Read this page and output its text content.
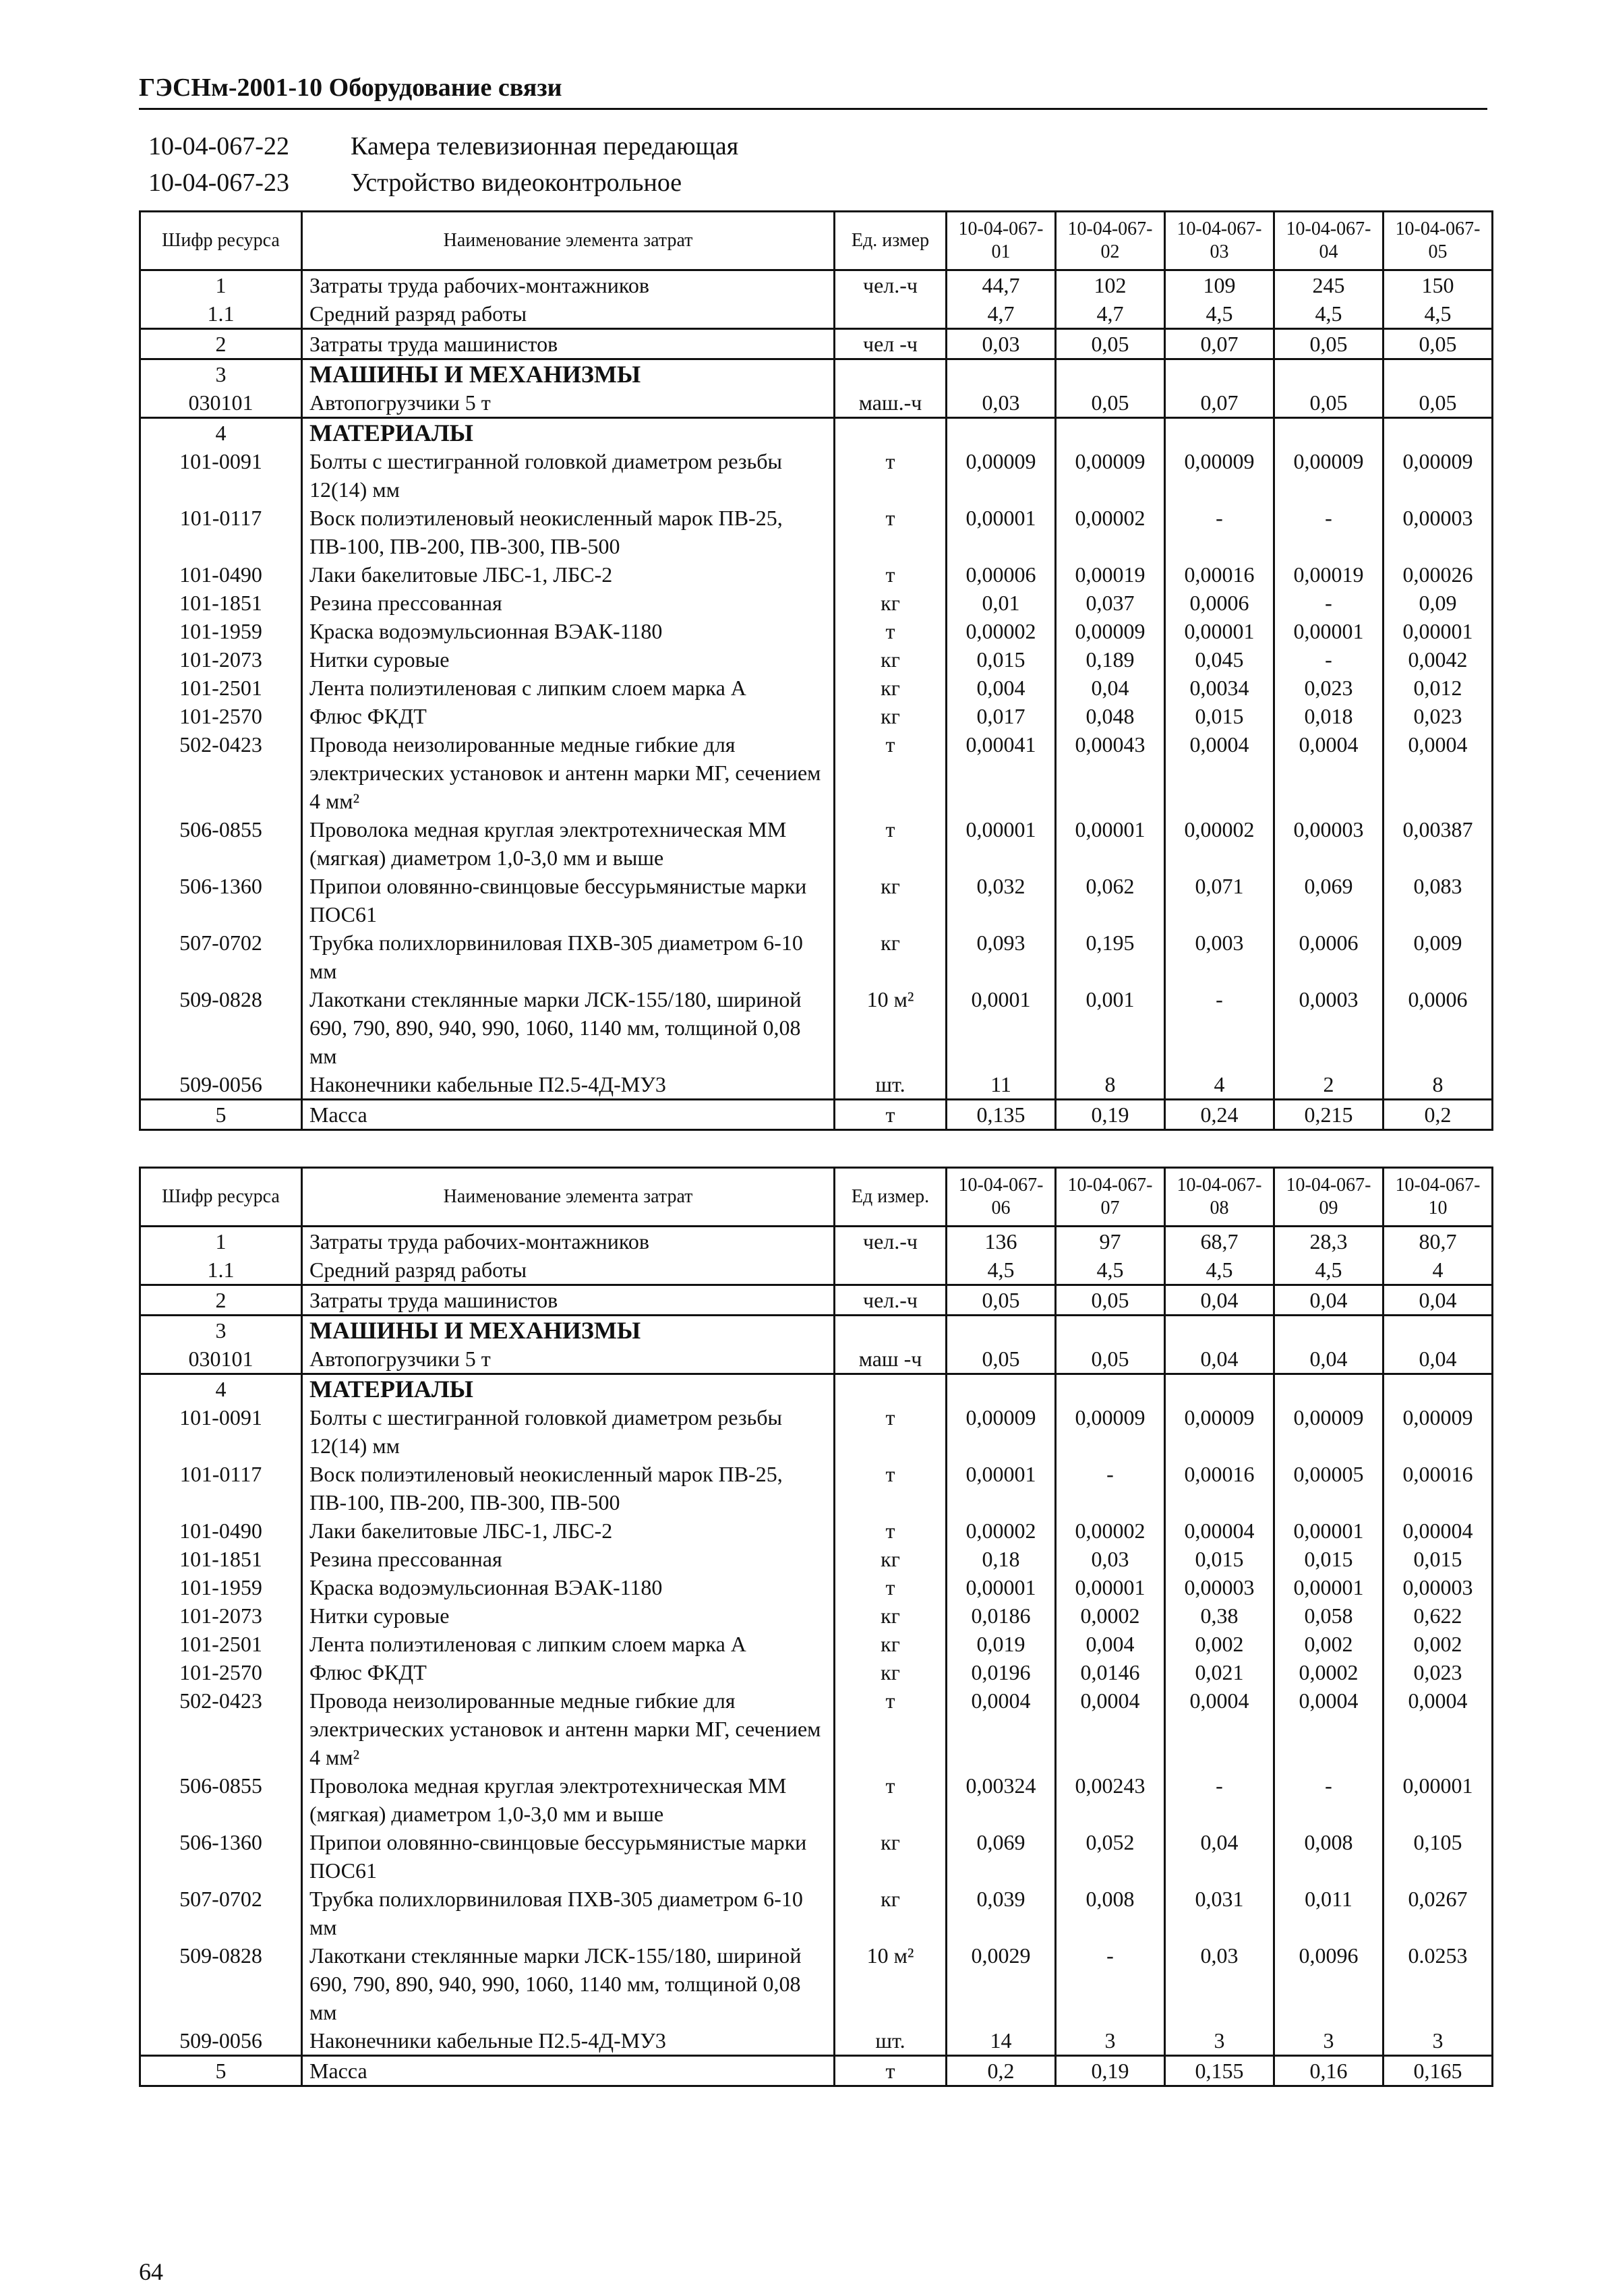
ГЭСНм-2001-10 Оборудование связи
10-04-067-22	Камера телевизионная передающая
10-04-067-23	Устройство видеоконтрольное
Шифр ресурса	Наименование элемента затрат	Ед. измер	10-04-067-01	10-04-067-02	10-04-067-03	10-04-067-04	10-04-067-05
1	Затраты труда рабочих-монтажников	чел.-ч	44,7	102	109	245	150
1.1	Средний разряд работы		4,7	4,7	4,5	4,5	4,5
2	Затраты труда машинистов	чел -ч	0,03	0,05	0,07	0,05	0,05
3	МАШИНЫ И МЕХАНИЗМЫ						
030101	Автопогрузчики 5 т	маш.-ч	0,03	0,05	0,07	0,05	0,05
4	МАТЕРИАЛЫ						
101-0091	Болты с шестигранной головкой диаметром резьбы 12(14) мм	т	0,00009	0,00009	0,00009	0,00009	0,00009
101-0117	Воск полиэтиленовый неокисленный марок ПВ-25, ПВ-100, ПВ-200, ПВ-300, ПВ-500	т	0,00001	0,00002	-	-	0,00003
101-0490	Лаки бакелитовые ЛБС-1, ЛБС-2	т	0,00006	0,00019	0,00016	0,00019	0,00026
101-1851	Резина прессованная	кг	0,01	0,037	0,0006	-	0,09
101-1959	Краска водоэмульсионная ВЭАК-1180	т	0,00002	0,00009	0,00001	0,00001	0,00001
101-2073	Нитки суровые	кг	0,015	0,189	0,045	-	0,0042
101-2501	Лента полиэтиленовая с липким слоем марка А	кг	0,004	0,04	0,0034	0,023	0,012
101-2570	Флюс ФКДТ	кг	0,017	0,048	0,015	0,018	0,023
502-0423	Провода неизолированные медные гибкие для электрических установок и антенн марки МГ, сечением 4 мм²	т	0,00041	0,00043	0,0004	0,0004	0,0004
506-0855	Проволока медная круглая электротехническая ММ (мягкая) диаметром 1,0-3,0 мм и выше	т	0,00001	0,00001	0,00002	0,00003	0,00387
506-1360	Припои оловянно-свинцовые бессурьмянистые марки ПОС61	кг	0,032	0,062	0,071	0,069	0,083
507-0702	Трубка полихлорвиниловая ПХВ-305 диаметром 6-10 мм	кг	0,093	0,195	0,003	0,0006	0,009
509-0828	Лакоткани стеклянные марки ЛСК-155/180, шириной 690, 790, 890, 940, 990, 1060, 1140 мм, толщиной 0,08 мм	10 м²	0,0001	0,001	-	0,0003	0,0006
509-0056	Наконечники кабельные П2.5-4Д-МУ3	шт.	11	8	4	2	8
5	Масса	т	0,135	0,19	0,24	0,215	0,2
Шифр ресурса	Наименование элемента затрат	Ед измер.	10-04-067-06	10-04-067-07	10-04-067-08	10-04-067-09	10-04-067-10
1	Затраты труда рабочих-монтажников	чел.-ч	136	97	68,7	28,3	80,7
1.1	Средний разряд работы		4,5	4,5	4,5	4,5	4
2	Затраты труда машинистов	чел.-ч	0,05	0,05	0,04	0,04	0,04
3	МАШИНЫ И МЕХАНИЗМЫ						
030101	Автопогрузчики 5 т	маш -ч	0,05	0,05	0,04	0,04	0,04
4	МАТЕРИАЛЫ						
101-0091	Болты с шестигранной головкой диаметром резьбы 12(14) мм	т	0,00009	0,00009	0,00009	0,00009	0,00009
101-0117	Воск полиэтиленовый неокисленный марок ПВ-25, ПВ-100, ПВ-200, ПВ-300, ПВ-500	т	0,00001	-	0,00016	0,00005	0,00016
101-0490	Лаки бакелитовые ЛБС-1, ЛБС-2	т	0,00002	0,00002	0,00004	0,00001	0,00004
101-1851	Резина прессованная	кг	0,18	0,03	0,015	0,015	0,015
101-1959	Краска водоэмульсионная ВЭАК-1180	т	0,00001	0,00001	0,00003	0,00001	0,00003
101-2073	Нитки суровые	кг	0,0186	0,0002	0,38	0,058	0,622
101-2501	Лента полиэтиленовая с липким слоем марка А	кг	0,019	0,004	0,002	0,002	0,002
101-2570	Флюс ФКДТ	кг	0,0196	0,0146	0,021	0,0002	0,023
502-0423	Провода неизолированные медные гибкие для электрических установок и антенн марки МГ, сечением 4 мм²	т	0,0004	0,0004	0,0004	0,0004	0,0004
506-0855	Проволока медная круглая электротехническая ММ (мягкая) диаметром 1,0-3,0 мм и выше	т	0,00324	0,00243	-	-	0,00001
506-1360	Припои оловянно-свинцовые бессурьмянистые марки ПОС61	кг	0,069	0,052	0,04	0,008	0,105
507-0702	Трубка полихлорвиниловая ПХВ-305 диаметром 6-10 мм	кг	0,039	0,008	0,031	0,011	0,0267
509-0828	Лакоткани стеклянные марки ЛСК-155/180, шириной 690, 790, 890, 940, 990, 1060, 1140 мм, толщиной 0,08 мм	10 м²	0,0029	-	0,03	0,0096	0.0253
509-0056	Наконечники кабельные П2.5-4Д-МУ3	шт.	14	3	3	3	3
5	Масса	т	0,2	0,19	0,155	0,16	0,165
64
